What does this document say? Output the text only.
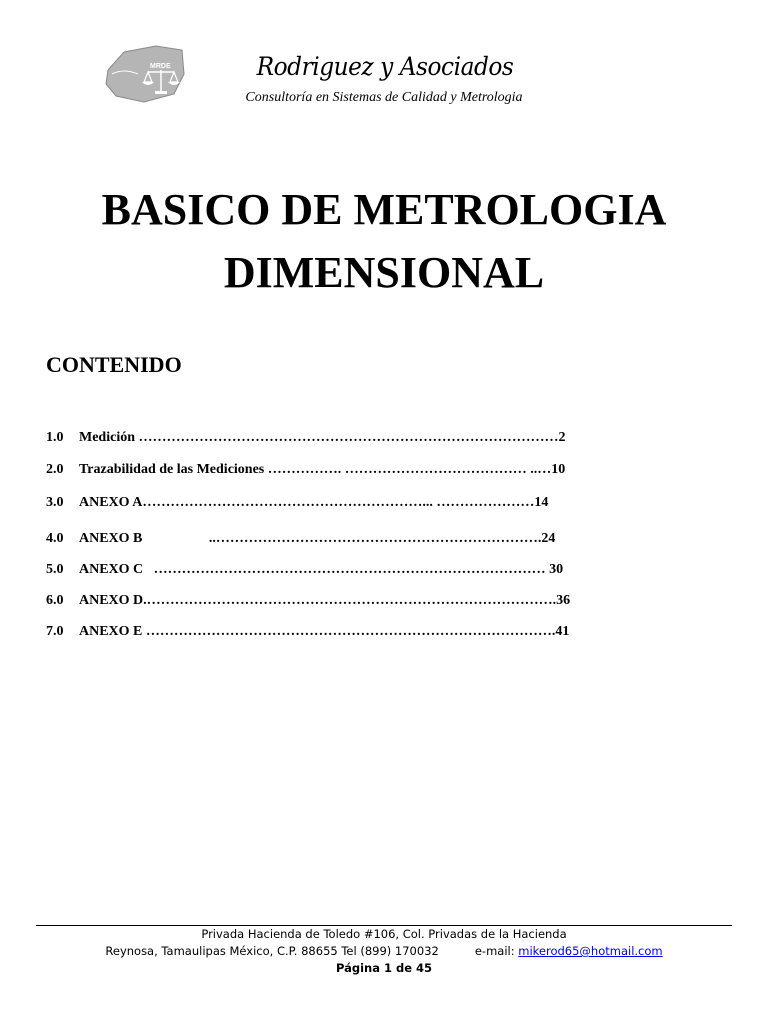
MRDE	Rodriguez y Asociados
Consultoría en Sistemas de Calidad y Metrologia
BASICO DE METROLOGIA
DIMENSIONAL
CONTENIDO
1.0 Medición ………………………………………………………………………………2
2.0 Trazabilidad de las Mediciones ……………. ………………………………… ..…10
3.0 ANEXO A……………………………………………………... …………………14
4.0 ANEXO B                   ..…………………………………………………………….24
5.0 ANEXO C   ………………………………………………………………………… 30
6.0 ANEXO D.…………………………………………………………………………….36
7.0 ANEXO E …………………………………………………………………………….41
Privada Hacienda de Toledo #106, Col. Privadas de la Hacienda
Reynosa, Tamaulipas México, C.P. 88655 Tel (899) 170032	e-mail: mikerod65@hotmail.com
Página 1 de 45
